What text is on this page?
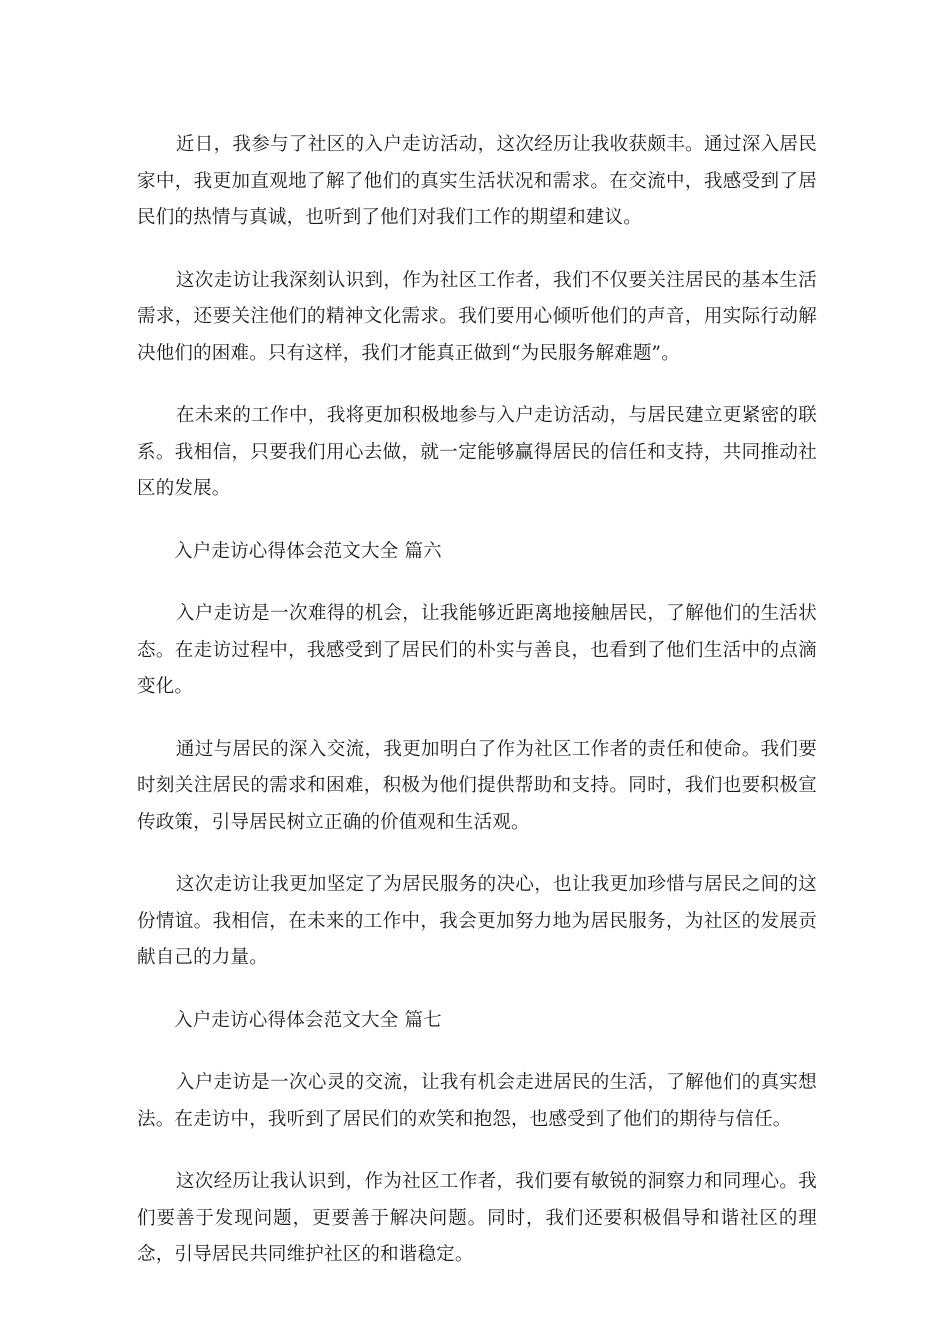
近日，我参与了社区的入户走访活动，这次经历让我收获颇丰。通过深入居民家中，我更加直观地了解了他们的真实生活状况和需求。在交流中，我感受到了居民们的热情与真诚，也听到了他们对我们工作的期望和建议。

这次走访让我深刻认识到，作为社区工作者，我们不仅要关注居民的基本生活需求，还要关注他们的精神文化需求。我们要用心倾听他们的声音，用实际行动解决他们的困难。只有这样，我们才能真正做到“为民服务解难题”。

在未来的工作中，我将更加积极地参与入户走访活动，与居民建立更紧密的联系。我相信，只要我们用心去做，就一定能够赢得居民的信任和支持，共同推动社区的发展。

入户走访心得体会范文大全 篇六

入户走访是一次难得的机会，让我能够近距离地接触居民，了解他们的生活状态。在走访过程中，我感受到了居民们的朴实与善良，也看到了他们生活中的点滴变化。

通过与居民的深入交流，我更加明白了作为社区工作者的责任和使命。我们要时刻关注居民的需求和困难，积极为他们提供帮助和支持。同时，我们也要积极宣传政策，引导居民树立正确的价值观和生活观。

这次走访让我更加坚定了为居民服务的决心，也让我更加珍惜与居民之间的这份情谊。我相信，在未来的工作中，我会更加努力地为居民服务，为社区的发展贡献自己的力量。

入户走访心得体会范文大全 篇七

入户走访是一次心灵的交流，让我有机会走进居民的生活，了解他们的真实想法。在走访中，我听到了居民们的欢笑和抱怨，也感受到了他们的期待与信任。

这次经历让我认识到，作为社区工作者，我们要有敏锐的洞察力和同理心。我们要善于发现问题，更要善于解决问题。同时，我们还要积极倡导和谐社区的理念，引导居民共同维护社区的和谐稳定。
